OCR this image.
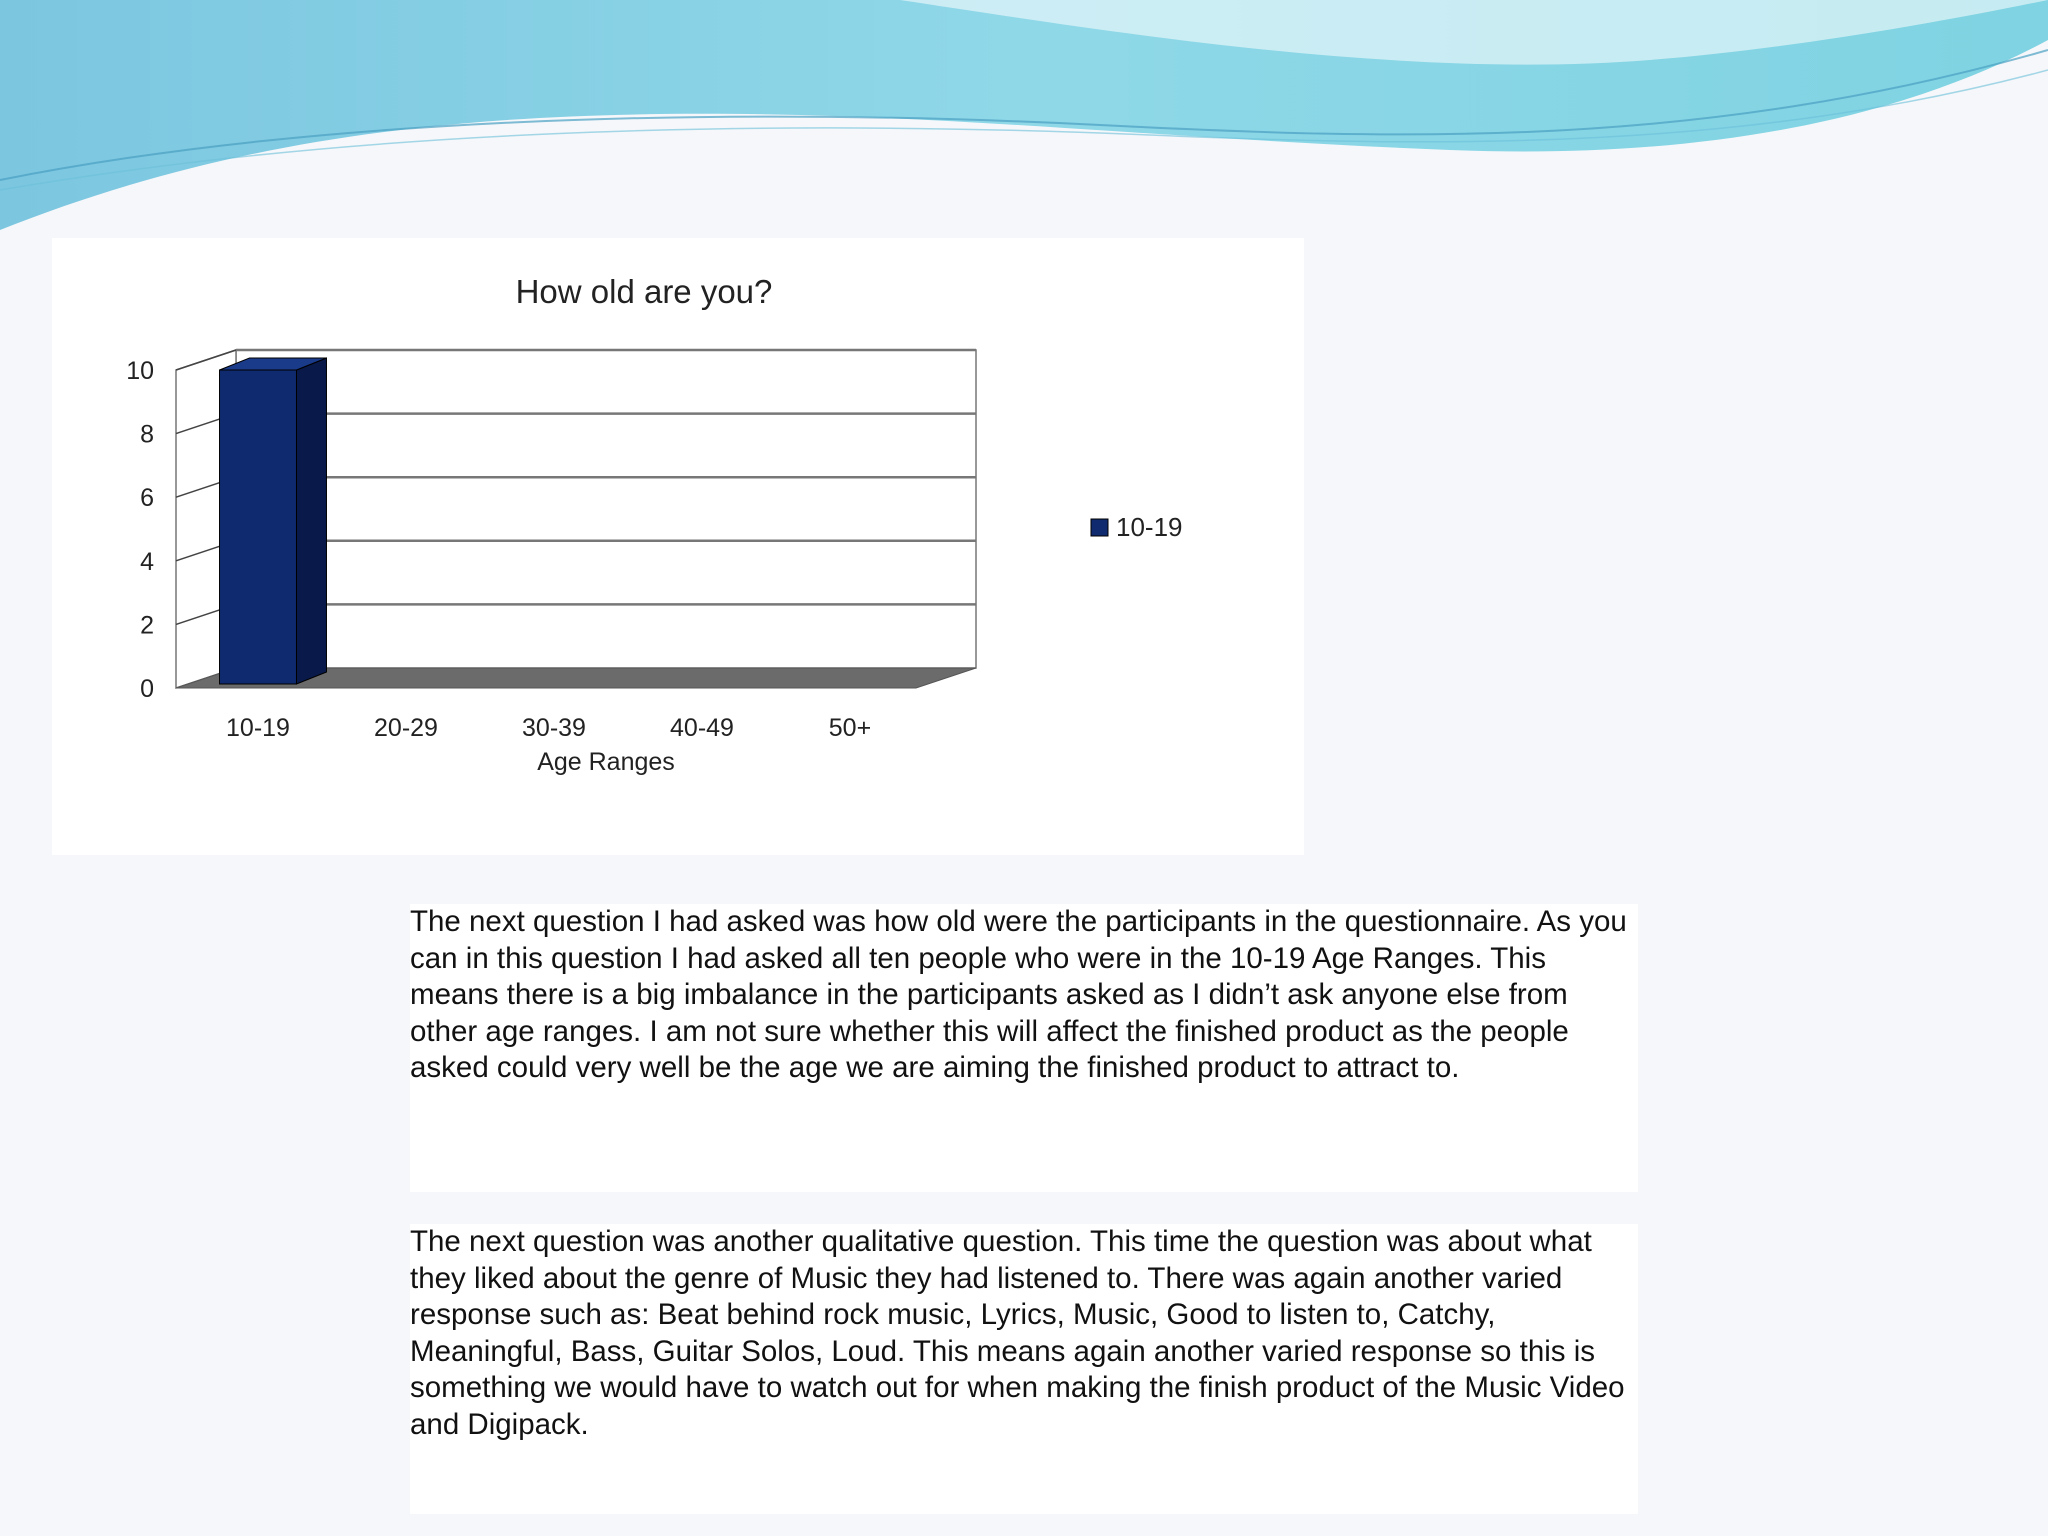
How old are you?
Age Ranges
0
2
4
6
8
10
10-19	20-29	30-39	40-49	50+
10-19
The next question I had asked was how old were the participants in the questionnaire. As you can in this question I had asked all ten people who were in the 10-19 Age Ranges. This means there is a big imbalance in the participants asked as I didn’t ask anyone else from other age ranges. I am not sure whether this will affect the finished product as the people asked could very well be the age we are aiming the finished product to attract to.
The next question was another qualitative question. This time the question was about what they liked about the genre of Music they had listened to. There was again another varied response such as: Beat behind rock music, Lyrics, Music, Good to listen to, Catchy, Meaningful, Bass, Guitar Solos, Loud. This means again another varied response so this is something we would have to watch out for when making the finish product of the Music Video and Digipack.
